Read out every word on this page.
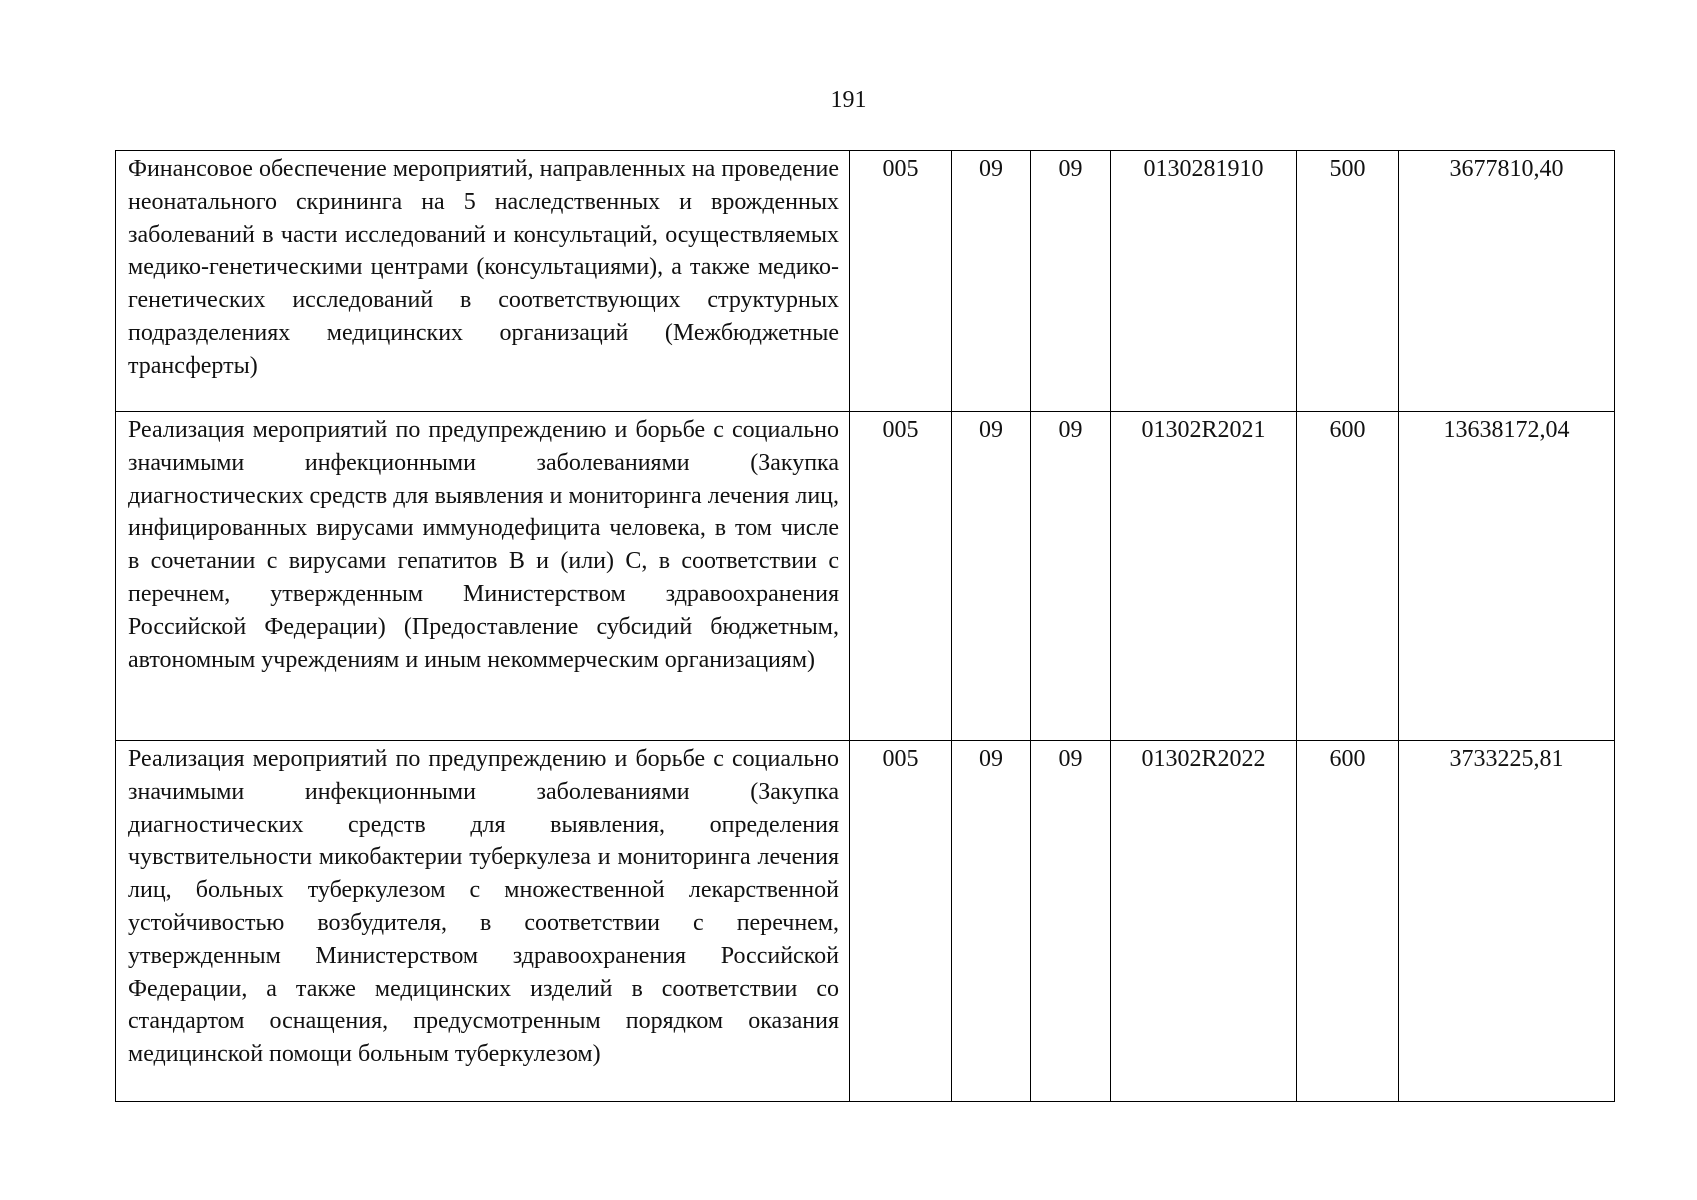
191
Финансовое обеспечение мероприятий, направленных на проведение неонатального скрининга на 5 наследственных и врожденных заболеваний в части исследований и консультаций, осуществляемых медико-генетическими центрами (консультациями), а также медико-генетических исследований в соответствующих структурных подразделениях медицинских организаций (Межбюджетные трансферты)	005	09	09	0130281910	500	3677810,40
Реализация мероприятий по предупреждению и борьбе с социально значимыми инфекционными заболеваниями (Закупка диагностических средств для выявления и мониторинга лечения лиц, инфицированных вирусами иммунодефицита человека, в том числе в сочетании с вирусами гепатитов B и (или) C, в соответствии с перечнем, утвержденным Министерством здравоохранения Российской Федерации) (Предоставление субсидий бюджетным, автономным учреждениям и иным некоммерческим организациям)	005	09	09	01302R2021	600	13638172,04
Реализация мероприятий по предупреждению и борьбе с социально значимыми инфекционными заболеваниями (Закупка диагностических средств для выявления, определения чувствительности микобактерии туберкулеза и мониторинга лечения лиц, больных туберкулезом с множественной лекарственной устойчивостью возбудителя, в соответствии с перечнем, утвержденным Министерством здравоохранения Российской Федерации, а также медицинских изделий в соответствии со стандартом оснащения, предусмотренным порядком оказания медицинской помощи больным туберкулезом)	005	09	09	01302R2022	600	3733225,81
